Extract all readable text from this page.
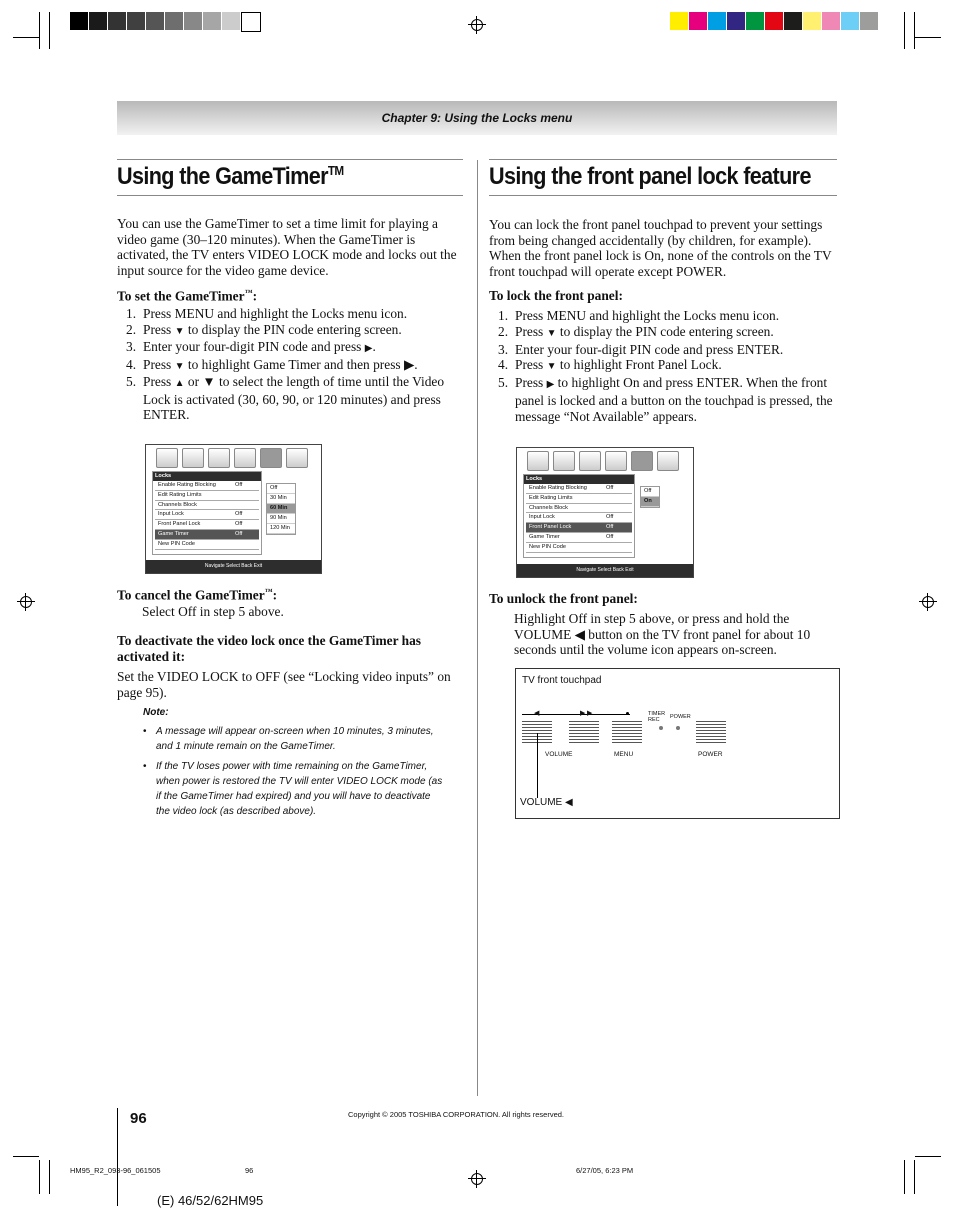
Chapter 9: Using the Locks menu
Using the GameTimer™
You can use the GameTimer to set a time limit for playing a video game (30–120 minutes). When the GameTimer is activated, the TV enters VIDEO LOCK mode and locks out the input source for the video game device.
To set the GameTimer™:
1. Press MENU and highlight the Locks menu icon.
2. Press ▼ to display the PIN code entering screen.
3. Enter your four-digit PIN code and press ▶.
4. Press ▼ to highlight Game Timer and then press ▶.
5. Press ▲ or ▼ to select the length of time until the Video Lock is activated (30, 60, 90, or 120 minutes) and press ENTER.
Locks
Enable Rating Blocking	Off
Edit Rating Limits
Channels Block
Input Lock	Off
Front Panel Lock	Off
Game Timer	Off
New PIN Code
Off
30 Min
60 Min
90 Min
120 Min
Navigate Select Back Exit
To cancel the GameTimer™:
Select Off in step 5 above.
To deactivate the video lock once the GameTimer has activated it:
Set the VIDEO LOCK to OFF (see “Locking video inputs” on page 95).
Note:
• A message will appear on-screen when 10 minutes, 3 minutes, and 1 minute remain on the GameTimer.
• If the TV loses power with time remaining on the GameTimer, when power is restored the TV will enter VIDEO LOCK mode (as if the GameTimer had expired) and you will have to deactivate the video lock (as described above).
Using the front panel lock feature
You can lock the front panel touchpad to prevent your settings from being changed accidentally (by children, for example). When the front panel lock is On, none of the controls on the TV front touchpad will operate except POWER.
To lock the front panel:
1. Press MENU and highlight the Locks menu icon.
2. Press ▼ to display the PIN code entering screen.
3. Enter your four-digit PIN code and press ENTER.
4. Press ▼ to highlight Front Panel Lock.
5. Press ▶ to highlight On and press ENTER. When the front panel is locked and a button on the touchpad is pressed, the message “Not Available” appears.
Locks
Enable Rating Blocking	Off
Edit Rating Limits
Channels Block
Input Lock	Off
Front Panel Lock	Off
Game Timer	Off
New PIN Code
Off
On
Navigate Select Back Exit
To unlock the front panel:
Highlight Off in step 5 above, or press and hold the VOLUME ◀ button on the TV front panel for about 10 seconds until the volume icon appears on-screen.
TV front touchpad
◀	▶ ▶
VOLUME	MENU	POWER
TIMER REC	POWER
VOLUME ◀
96	Copyright © 2005 TOSHIBA CORPORATION. All rights reserved.
HM95_R2_093-96_061505	96	6/27/05, 6:23 PM
(E) 46/52/62HM95
